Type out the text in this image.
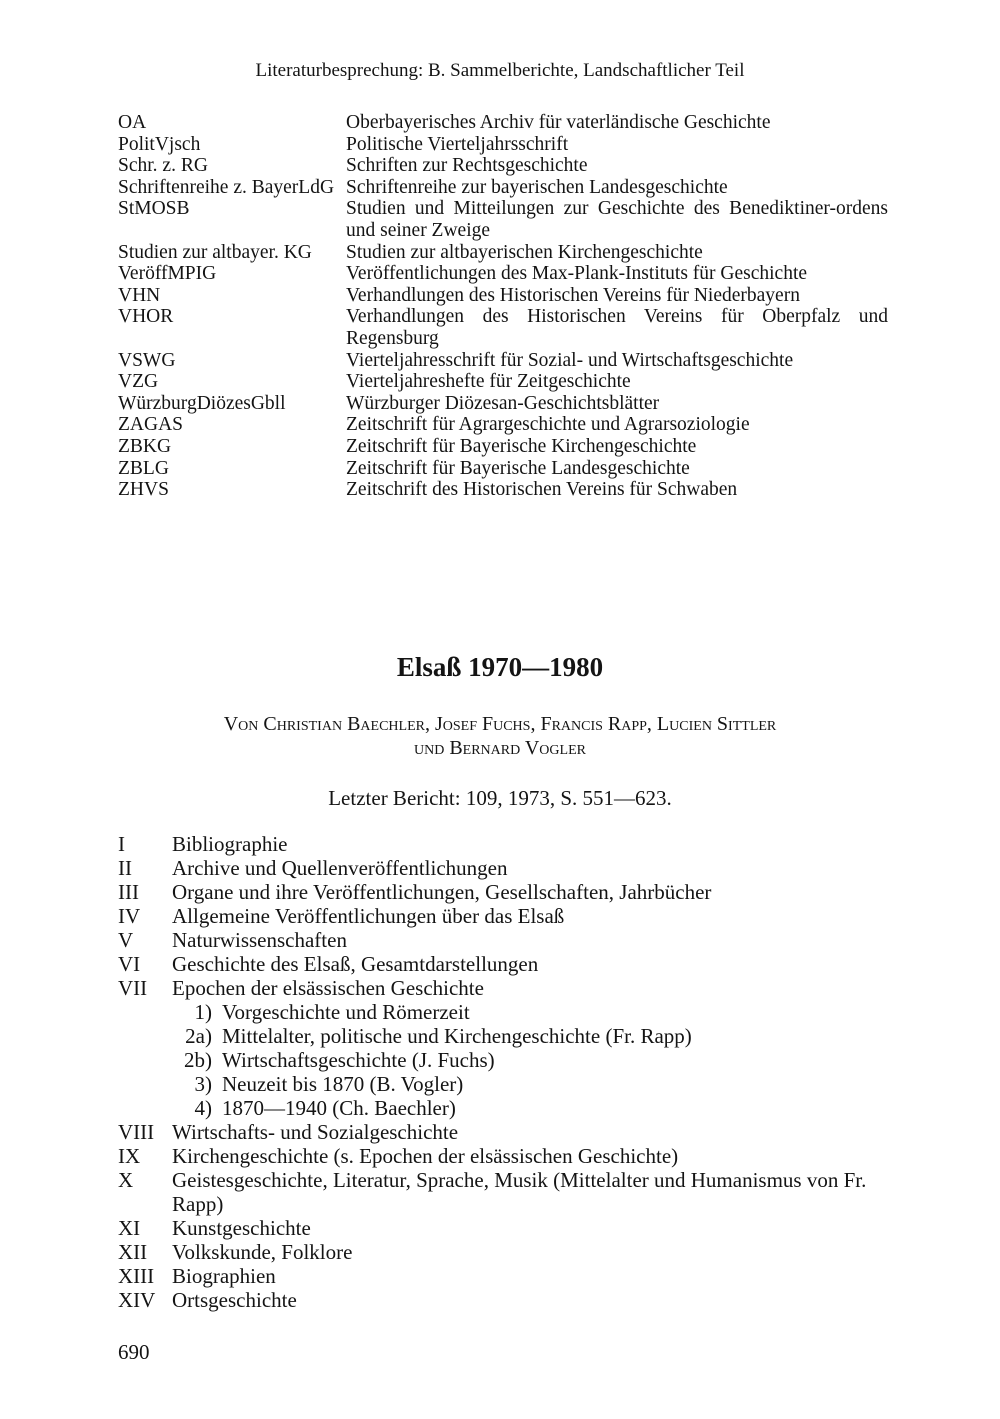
Literaturbesprechung: B. Sammelberichte, Landschaftlicher Teil
OA	Oberbayerisches Archiv für vaterländische Geschichte
PolitVjsch	Politische Vierteljahrsschrift
Schr. z. RG	Schriften zur Rechtsgeschichte
Schriftenreihe z. BayerLdG Schriftenreihe zur bayerischen Landesgeschichte
StMOSB	Studien und Mitteilungen zur Geschichte des Benediktiner-ordens und seiner Zweige
Studien zur altbayer. KG	Studien zur altbayerischen Kirchengeschichte
VeröffMPIG	Veröffentlichungen des Max-Plank-Instituts für Geschichte
VHN	Verhandlungen des Historischen Vereins für Niederbayern
VHOR	Verhandlungen des Historischen Vereins für Oberpfalz und Regensburg
VSWG	Vierteljahresschrift für Sozial- und Wirtschaftsgeschichte
VZG	Vierteljahreshefte für Zeitgeschichte
WürzburgDiözesGbll	Würzburger Diözesan-Geschichtsblätter
ZAGAS	Zeitschrift für Agrargeschichte und Agrarsoziologie
ZBKG	Zeitschrift für Bayerische Kirchengeschichte
ZBLG	Zeitschrift für Bayerische Landesgeschichte
ZHVS	Zeitschrift des Historischen Vereins für Schwaben
Elsaß 1970—1980
Von Christian Baechler, Josef Fuchs, Francis Rapp, Lucien Sittler
und Bernard Vogler
Letzter Bericht: 109, 1973, S. 551—623.
I	Bibliographie
II	Archive und Quellenveröffentlichungen
III	Organe und ihre Veröffentlichungen, Gesellschaften, Jahrbücher
IV	Allgemeine Veröffentlichungen über das Elsaß
V	Naturwissenschaften
VI	Geschichte des Elsaß, Gesamtdarstellungen
VII	Epochen der elsässischen Geschichte
1) Vorgeschichte und Römerzeit
2a) Mittelalter, politische und Kirchengeschichte (Fr. Rapp)
2b) Wirtschaftsgeschichte (J. Fuchs)
3) Neuzeit bis 1870 (B. Vogler)
4) 1870—1940 (Ch. Baechler)
VIII Wirtschafts- und Sozialgeschichte
IX	Kirchengeschichte (s. Epochen der elsässischen Geschichte)
X	Geistesgeschichte, Literatur, Sprache, Musik (Mittelalter und Humanismus von Fr. Rapp)
XI	Kunstgeschichte
XII	Volkskunde, Folklore
XIII Biographien
XIV Ortsgeschichte
690
